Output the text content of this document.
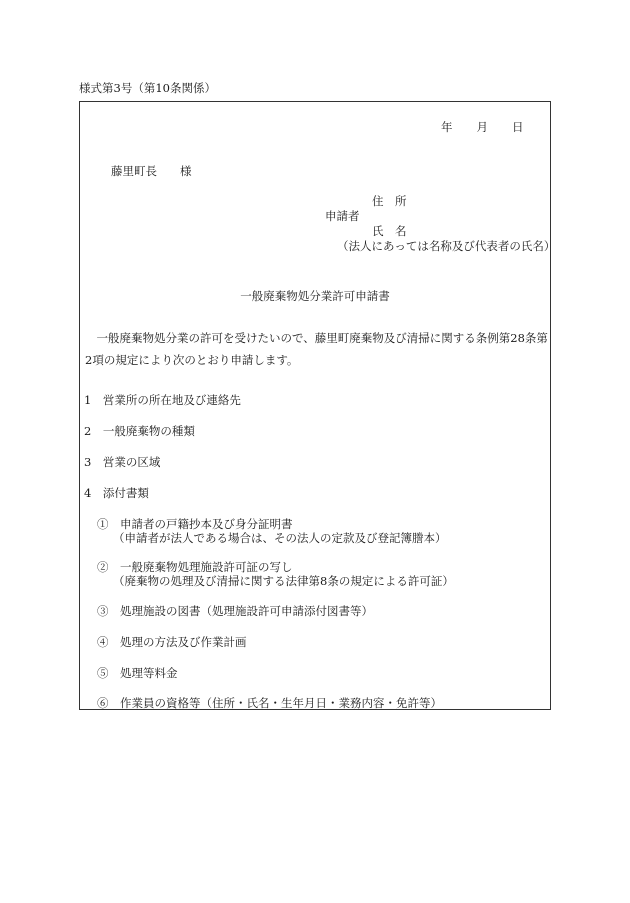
様式第3号（第10条関係）
年 月 日
藤里町長　　様
住　所
申請者
氏　名
（法人にあっては名称及び代表者の氏名）
一般廃棄物処分業許可申請書
一般廃棄物処分業の許可を受けたいので、藤里町廃棄物及び清掃に関する条例第28条第2項の規定により次のとおり申請します。
1　営業所の所在地及び連絡先
2　一般廃棄物の種類
3　営業の区域
4　添付書類
①　申請者の戸籍抄本及び身分証明書
（申請者が法人である場合は、その法人の定款及び登記簿謄本）
②　一般廃棄物処理施設許可証の写し
（廃棄物の処理及び清掃に関する法律第8条の規定による許可証）
③　処理施設の図書（処理施設許可申請添付図書等）
④　処理の方法及び作業計画
⑤　処理等料金
⑥　作業員の資格等（住所・氏名・生年月日・業務内容・免許等）
